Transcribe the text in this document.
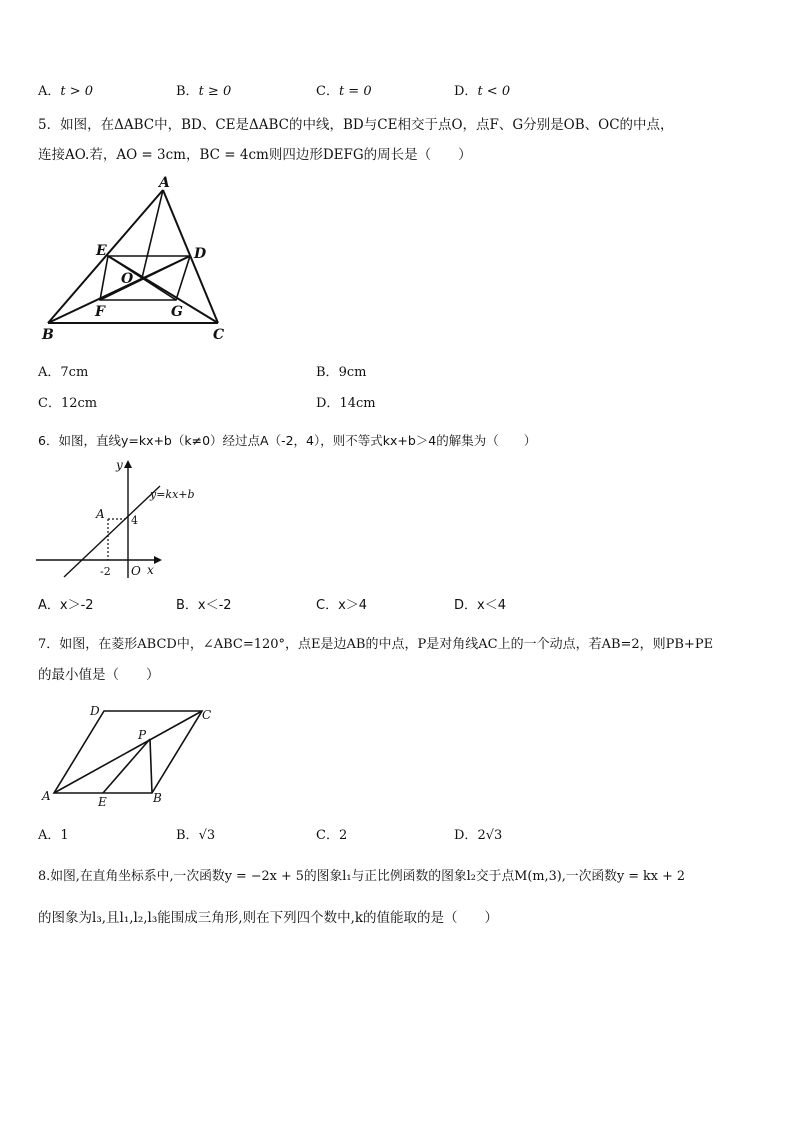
A．t > 0	B．t ≥ 0	C．t = 0	D．t < 0
5．如图，在ΔABC中，BD、CE是ΔABC的中线，BD与CE相交于点O，点F、G分别是OB、OC的中点，
连接AO.若，AO = 3cm，BC = 4cm则四边形DEFG的周长是（　　）
A
B	C
D
E
F	G
O
A．7cm	B．9cm
C．12cm	D．14cm
6．如图，直线y=kx+b（k≠0）经过点A（-2，4），则不等式kx+b＞4的解集为（　　）
y
x
O
A
y=kx+b
4
-2
A．x＞-2	B．x＜-2	C．x＞4	D．x＜4
7．如图，在菱形ABCD中，∠ABC=120°，点E是边AB的中点，P是对角线AC上的一个动点，若AB=2，则PB+PE
的最小值是（　　）
A	B
C
D
E
P
A．1	B．√3	C．2	D．2√3
8.如图,在直角坐标系中,一次函数y = −2x + 5的图象l₁与正比例函数的图象l₂交于点M(m,3),一次函数y = kx + 2
的图象为l₃,且l₁,l₂,l₃能围成三角形,则在下列四个数中,k的值能取的是（　　）
